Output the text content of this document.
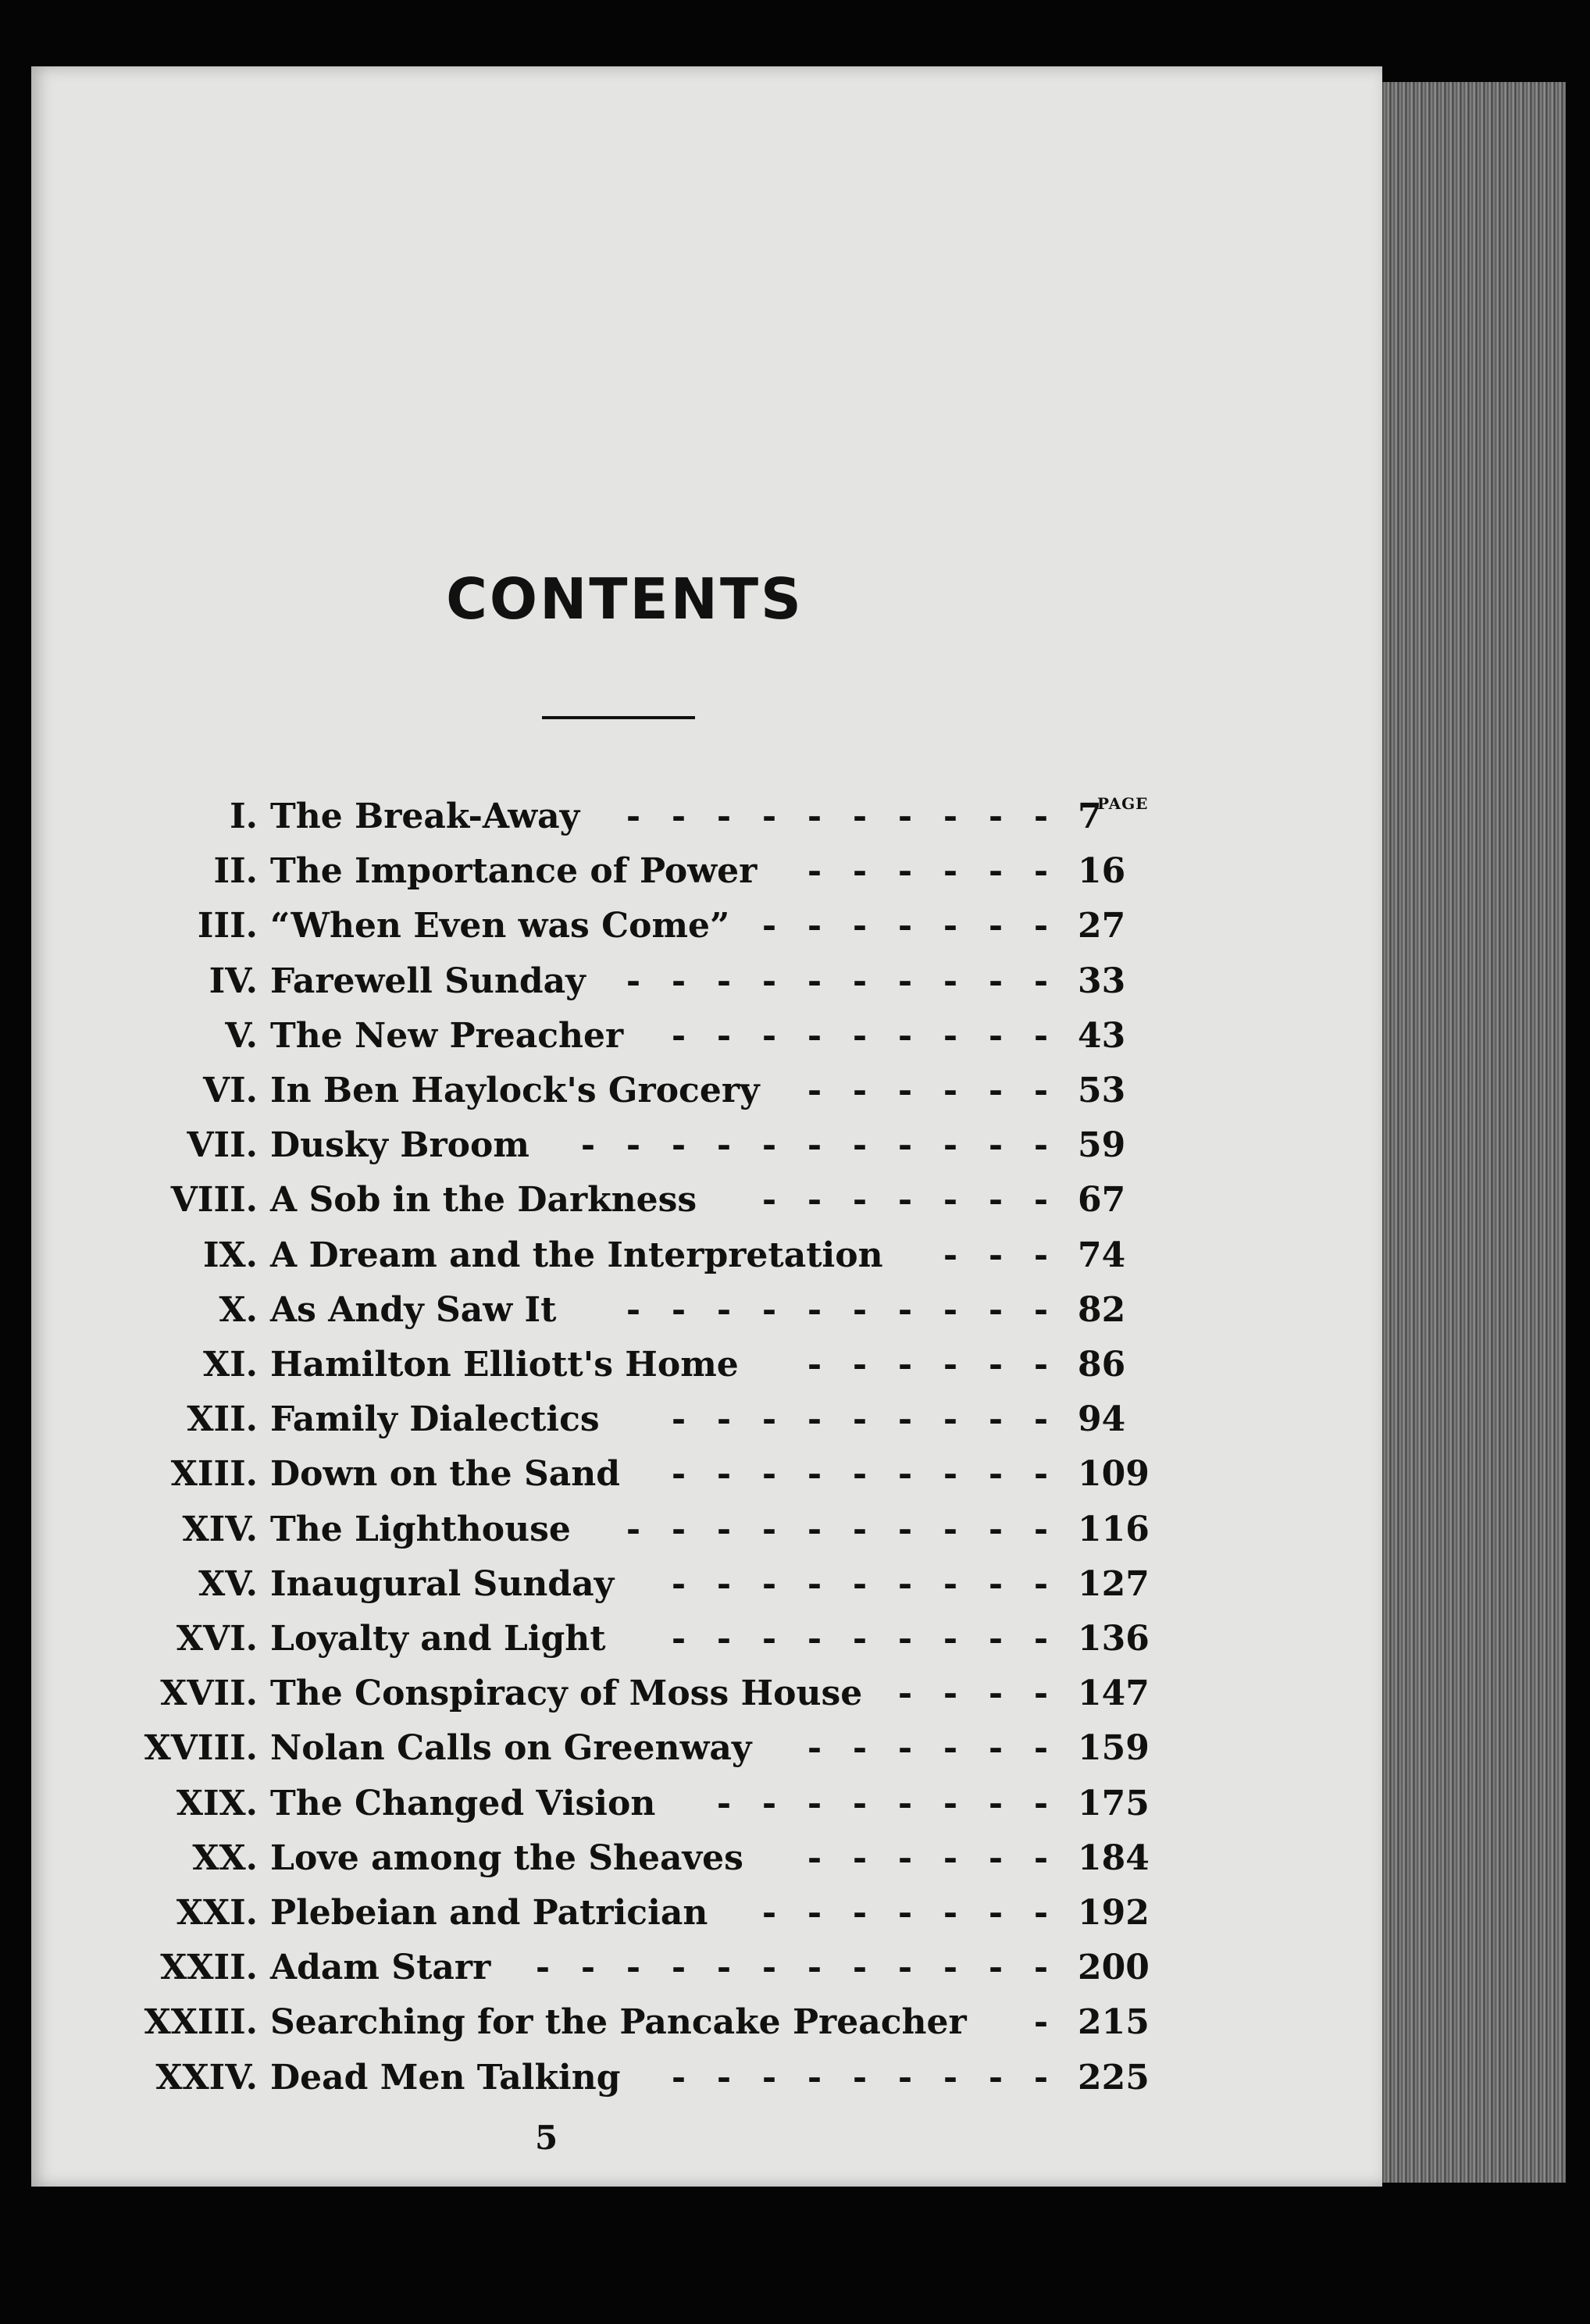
CONTENTS
PAGE
I. The Break-Away	- - - - - - - - - - 7
II. The Importance of Power	- - - - - - 16
III. “When Even was Come” - - - - - - - 27
IV. Farewell Sunday	- - - - - - - - - - 33
V. The New Preacher	- - - - - - - - - 43
VI. In Ben Haylock's Grocery	- - - - - - 53
VII. Dusky Broom	- - - - - - - - - - - 59
VIII. A Sob in the Darkness	- - - - - - - 67
IX. A Dream and the Interpretation	- - - 74
X. As Andy Saw It	- - - - - - - - - - 82
XI. Hamilton Elliott's Home	- - - - - - 86
XII. Family Dialectics	- - - - - - - - - 94
XIII. Down on the Sand	- - - - - - - - - 109
XIV. The Lighthouse	- - - - - - - - - - 116
XV. Inaugural Sunday	- - - - - - - - - 127
XVI. Loyalty and Light	- - - - - - - - - 136
XVII. The Conspiracy of Moss House	- - - - 147
XVIII. Nolan Calls on Greenway	- - - - - - 159
XIX. The Changed Vision	- - - - - - - - 175
XX. Love among the Sheaves	- - - - - - 184
XXI. Plebeian and Patrician	- - - - - - - 192
XXII. Adam Starr	- - - - - - - - - - - - 200
XXIII. Searching for the Pancake Preacher	- 215
XXIV. Dead Men Talking	- - - - - - - - - 225
5
